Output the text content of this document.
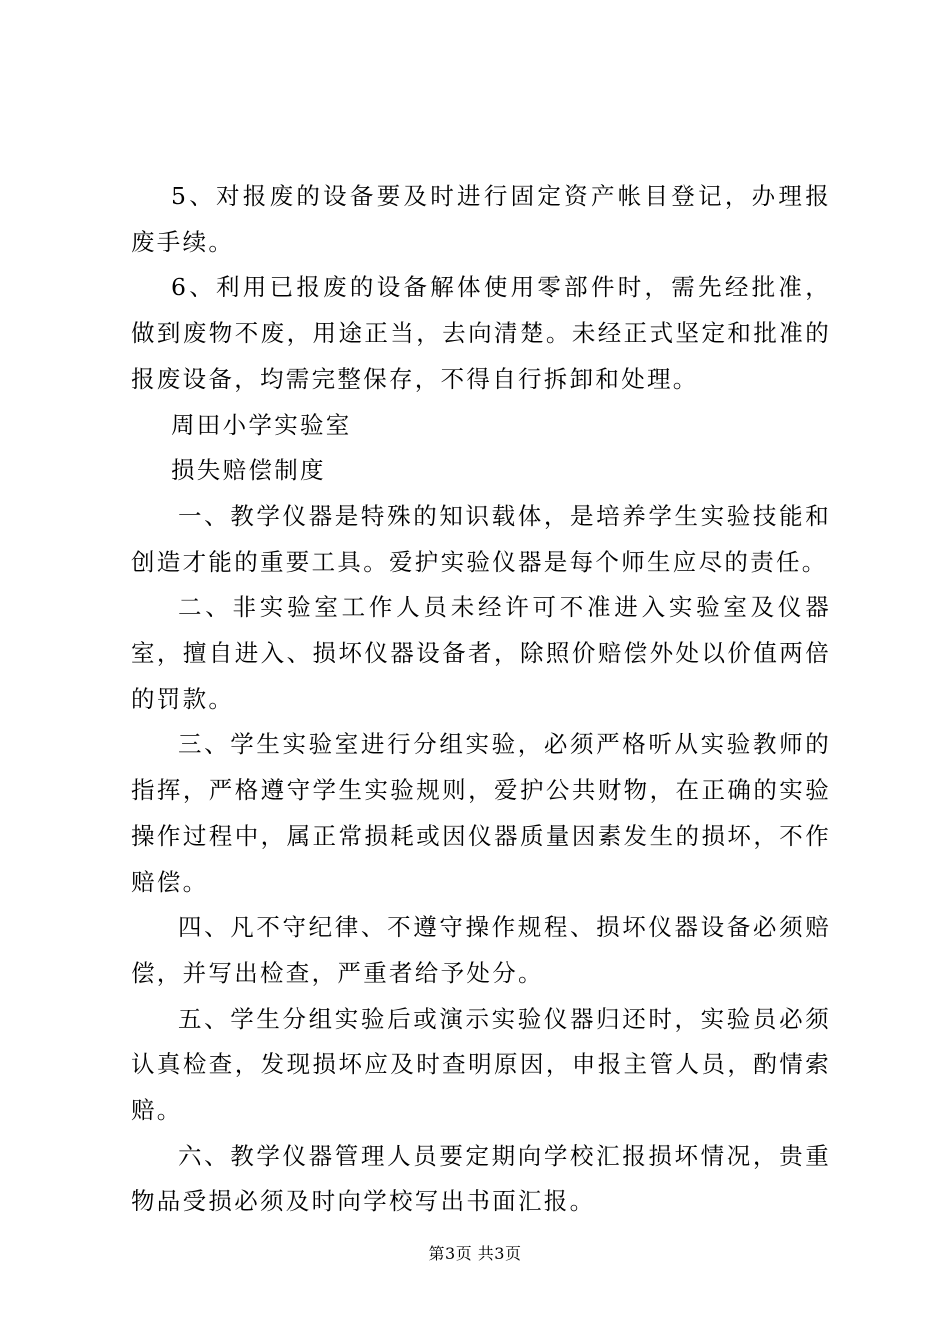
5、对报废的设备要及时进行固定资产帐目登记，办理报废手续。

6、利用已报废的设备解体使用零部件时，需先经批准，做到废物不废，用途正当，去向清楚。未经正式坚定和批准的报废设备，均需完整保存，不得自行拆卸和处理。

周田小学实验室

损失赔偿制度

一、教学仪器是特殊的知识载体，是培养学生实验技能和创造才能的重要工具。爱护实验仪器是每个师生应尽的责任。

二、非实验室工作人员未经许可不准进入实验室及仪器室，擅自进入、损坏仪器设备者，除照价赔偿外处以价值两倍的罚款。

三、学生实验室进行分组实验，必须严格听从实验教师的指挥，严格遵守学生实验规则，爱护公共财物，在正确的实验操作过程中，属正常损耗或因仪器质量因素发生的损坏，不作赔偿。

四、凡不守纪律、不遵守操作规程、损坏仪器设备必须赔偿，并写出检查，严重者给予处分。

五、学生分组实验后或演示实验仪器归还时，实验员必须认真检查，发现损坏应及时查明原因，申报主管人员，酌情索赔。

六、教学仪器管理人员要定期向学校汇报损坏情况，贵重物品受损必须及时向学校写出书面汇报。

第3页 共3页
